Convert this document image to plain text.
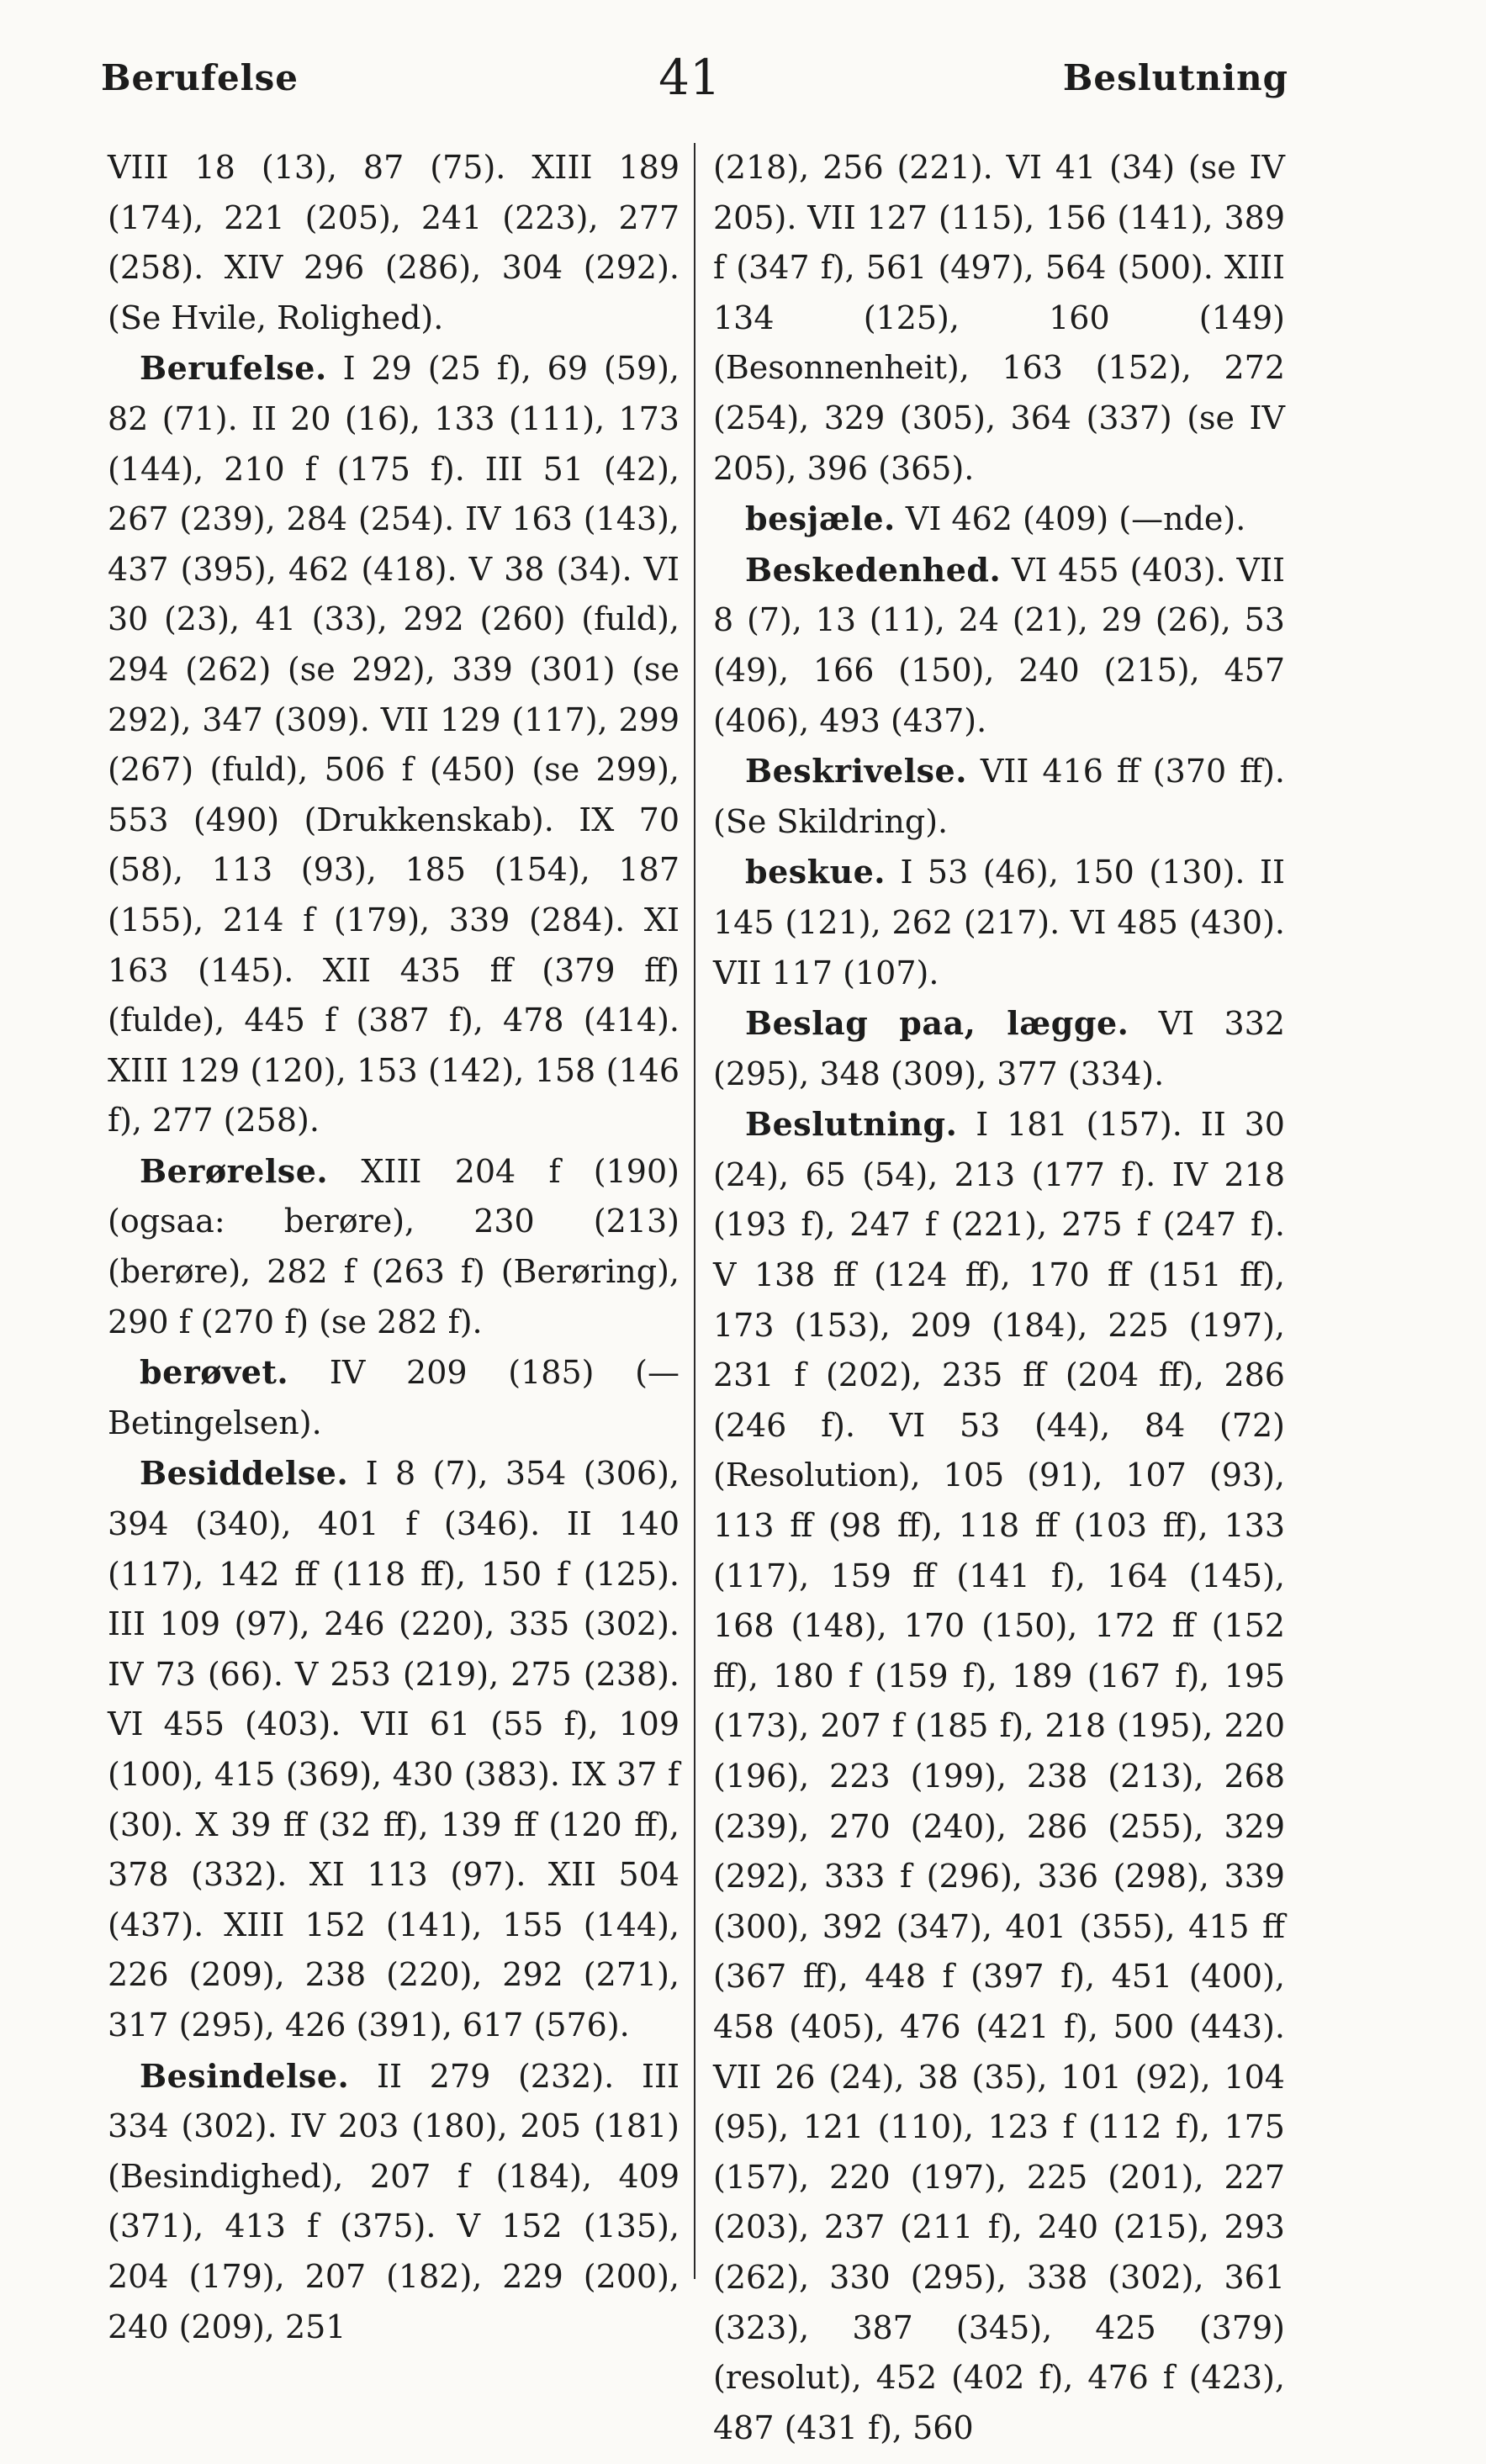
Berufelse	41	Beslutning

VIII 18 (13), 87 (75). XIII 189 (174), 221 (205), 241 (223), 277 (258). XIV 296 (286), 304 (292). (Se Hvile, Rolighed).

Berufelse. I 29 (25 f), 69 (59), 82 (71). II 20 (16), 133 (111), 173 (144), 210 f (175 f). III 51 (42), 267 (239), 284 (254). IV 163 (143), 437 (395), 462 (418). V 38 (34). VI 30 (23), 41 (33), 292 (260) (fuld), 294 (262) (se 292), 339 (301) (se 292), 347 (309). VII 129 (117), 299 (267) (fuld), 506 f (450) (se 299), 553 (490) (Drukkenskab). IX 70 (58), 113 (93), 185 (154), 187 (155), 214 f (179), 339 (284). XI 163 (145). XII 435 ff (379 ff) (fulde), 445 f (387 f), 478 (414). XIII 129 (120), 153 (142), 158 (146 f), 277 (258).

Berørelse. XIII 204 f (190) (ogsaa: berøre), 230 (213) (berøre), 282 f (263 f) (Berøring), 290 f (270 f) (se 282 f).

berøvet. IV 209 (185) (— Betingelsen).

Besiddelse. I 8 (7), 354 (306), 394 (340), 401 f (346). II 140 (117), 142 ff (118 ff), 150 f (125). III 109 (97), 246 (220), 335 (302). IV 73 (66). V 253 (219), 275 (238). VI 455 (403). VII 61 (55 f), 109 (100), 415 (369), 430 (383). IX 37 f (30). X 39 ff (32 ff), 139 ff (120 ff), 378 (332). XI 113 (97). XII 504 (437). XIII 152 (141), 155 (144), 226 (209), 238 (220), 292 (271), 317 (295), 426 (391), 617 (576).

Besindelse. II 279 (232). III 334 (302). IV 203 (180), 205 (181) (Besindighed), 207 f (184), 409 (371), 413 f (375). V 152 (135), 204 (179), 207 (182), 229 (200), 240 (209), 251

(218), 256 (221). VI 41 (34) (se IV 205). VII 127 (115), 156 (141), 389 f (347 f), 561 (497), 564 (500). XIII 134 (125), 160 (149) (Besonnenheit), 163 (152), 272 (254), 329 (305), 364 (337) (se IV 205), 396 (365).

besjæle. VI 462 (409) (—nde).

Beskedenhed. VI 455 (403). VII 8 (7), 13 (11), 24 (21), 29 (26), 53 (49), 166 (150), 240 (215), 457 (406), 493 (437).

Beskrivelse. VII 416 ff (370 ff). (Se Skildring).

beskue. I 53 (46), 150 (130). II 145 (121), 262 (217). VI 485 (430). VII 117 (107).

Beslag paa, lægge. VI 332 (295), 348 (309), 377 (334).

Beslutning. I 181 (157). II 30 (24), 65 (54), 213 (177 f). IV 218 (193 f), 247 f (221), 275 f (247 f). V 138 ff (124 ff), 170 ff (151 ff), 173 (153), 209 (184), 225 (197), 231 f (202), 235 ff (204 ff), 286 (246 f). VI 53 (44), 84 (72) (Resolution), 105 (91), 107 (93), 113 ff (98 ff), 118 ff (103 ff), 133 (117), 159 ff (141 f), 164 (145), 168 (148), 170 (150), 172 ff (152 ff), 180 f (159 f), 189 (167 f), 195 (173), 207 f (185 f), 218 (195), 220 (196), 223 (199), 238 (213), 268 (239), 270 (240), 286 (255), 329 (292), 333 f (296), 336 (298), 339 (300), 392 (347), 401 (355), 415 ff (367 ff), 448 f (397 f), 451 (400), 458 (405), 476 (421 f), 500 (443). VII 26 (24), 38 (35), 101 (92), 104 (95), 121 (110), 123 f (112 f), 175 (157), 220 (197), 225 (201), 227 (203), 237 (211 f), 240 (215), 293 (262), 330 (295), 338 (302), 361 (323), 387 (345), 425 (379) (resolut), 452 (402 f), 476 f (423), 487 (431 f), 560
